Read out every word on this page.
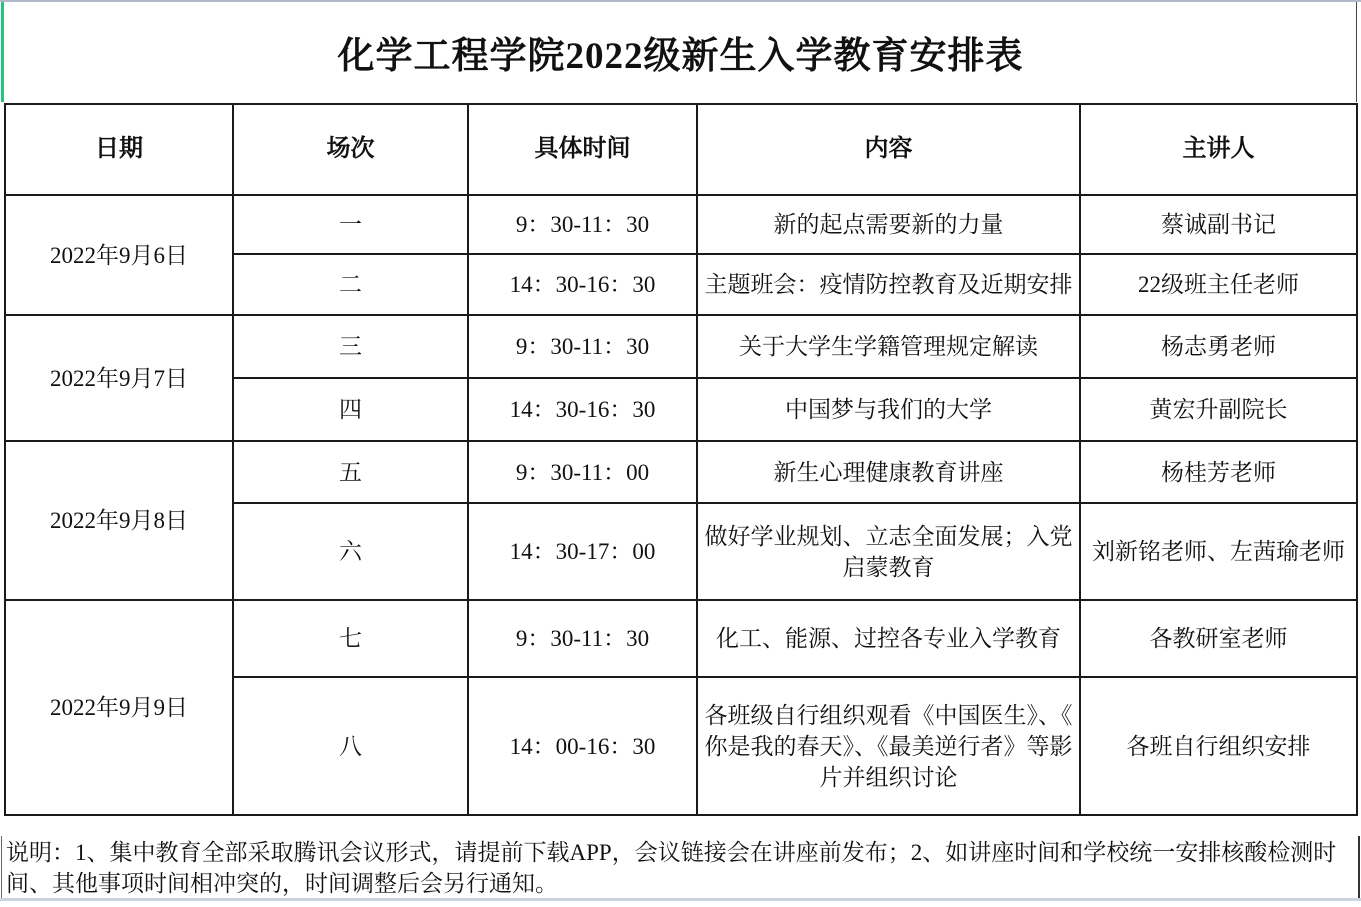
化学工程学院2022级新生入学教育安排表
日期	场次	具体时间	内容	主讲人
2022年9月6日	一	9：30-11：30	新的起点需要新的力量	蔡诚副书记
	二	14：30-16：30	主题班会：疫情防控教育及近期安排	22级班主任老师
2022年9月7日	三	9：30-11：30	关于大学生学籍管理规定解读	杨志勇老师
	四	14：30-16：30	中国梦与我们的大学	黄宏升副院长
2022年9月8日	五	9：30-11：00	新生心理健康教育讲座	杨桂芳老师
	六	14：30-17：00	做好学业规划、立志全面发展；入党启蒙教育	刘新铭老师、左茜瑜老师
2022年9月9日	七	9：30-11：30	化工、能源、过控各专业入学教育	各教研室老师
	八	14：00-16：30	各班级自行组织观看《中国医生》、《你是我的春天》、《最美逆行者》等影片并组织讨论	各班自行组织安排
说明：1、集中教育全部采取腾讯会议形式，请提前下载APP，会议链接会在讲座前发布；2、如讲座时间和学校统一安排核酸检测时间、其他事项时间相冲突的，时间调整后会另行通知。
